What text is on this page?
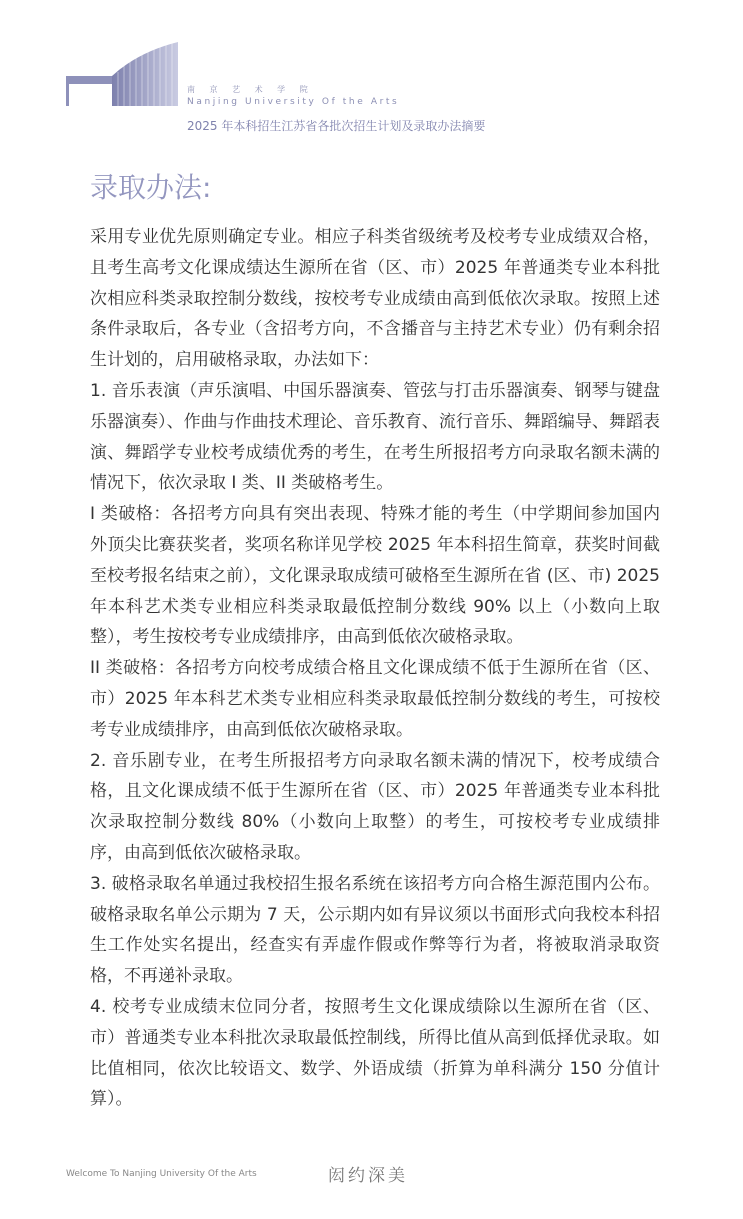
南 京 艺 术 学 院
Nanjing University Of the Arts
2025 年本科招生江苏省各批次招生计划及录取办法摘要
录取办法:

采用专业优先原则确定专业。相应子科类省级统考及校考专业成绩双合格，且考生高考文化课成绩达生源所在省（区、市）2025 年普通类专业本科批次相应科类录取控制分数线，按校考专业成绩由高到低依次录取。按照上述条件录取后，各专业（含招考方向，不含播音与主持艺术专业）仍有剩余招生计划的，启用破格录取，办法如下：

1. 音乐表演（声乐演唱、中国乐器演奏、管弦与打击乐器演奏、钢琴与键盘乐器演奏）、作曲与作曲技术理论、音乐教育、流行音乐、舞蹈编导、舞蹈表演、舞蹈学专业校考成绩优秀的考生，在考生所报招考方向录取名额未满的情况下，依次录取 I 类、II 类破格考生。

I 类破格：各招考方向具有突出表现、特殊才能的考生（中学期间参加国内外顶尖比赛获奖者，奖项名称详见学校 2025 年本科招生简章，获奖时间截至校考报名结束之前），文化课录取成绩可破格至生源所在省 (区、市) 2025 年本科艺术类专业相应科类录取最低控制分数线 90% 以上（小数向上取整），考生按校考专业成绩排序，由高到低依次破格录取。

II 类破格：各招考方向校考成绩合格且文化课成绩不低于生源所在省（区、市）2025 年本科艺术类专业相应科类录取最低控制分数线的考生，可按校考专业成绩排序，由高到低依次破格录取。

2. 音乐剧专业，在考生所报招考方向录取名额未满的情况下，校考成绩合格，且文化课成绩不低于生源所在省（区、市）2025 年普通类专业本科批次录取控制分数线 80%（小数向上取整）的考生，可按校考专业成绩排序，由高到低依次破格录取。

3. 破格录取名单通过我校招生报名系统在该招考方向合格生源范围内公布。破格录取名单公示期为 7 天，公示期内如有异议须以书面形式向我校本科招生工作处实名提出，经查实有弄虚作假或作弊等行为者，将被取消录取资格，不再递补录取。

4. 校考专业成绩末位同分者，按照考生文化课成绩除以生源所在省（区、市）普通类专业本科批次录取最低控制线，所得比值从高到低择优录取。如比值相同，依次比较语文、数学、外语成绩（折算为单科满分 150 分值计算）。

Welcome To Nanjing University Of the Arts	闳约深美
